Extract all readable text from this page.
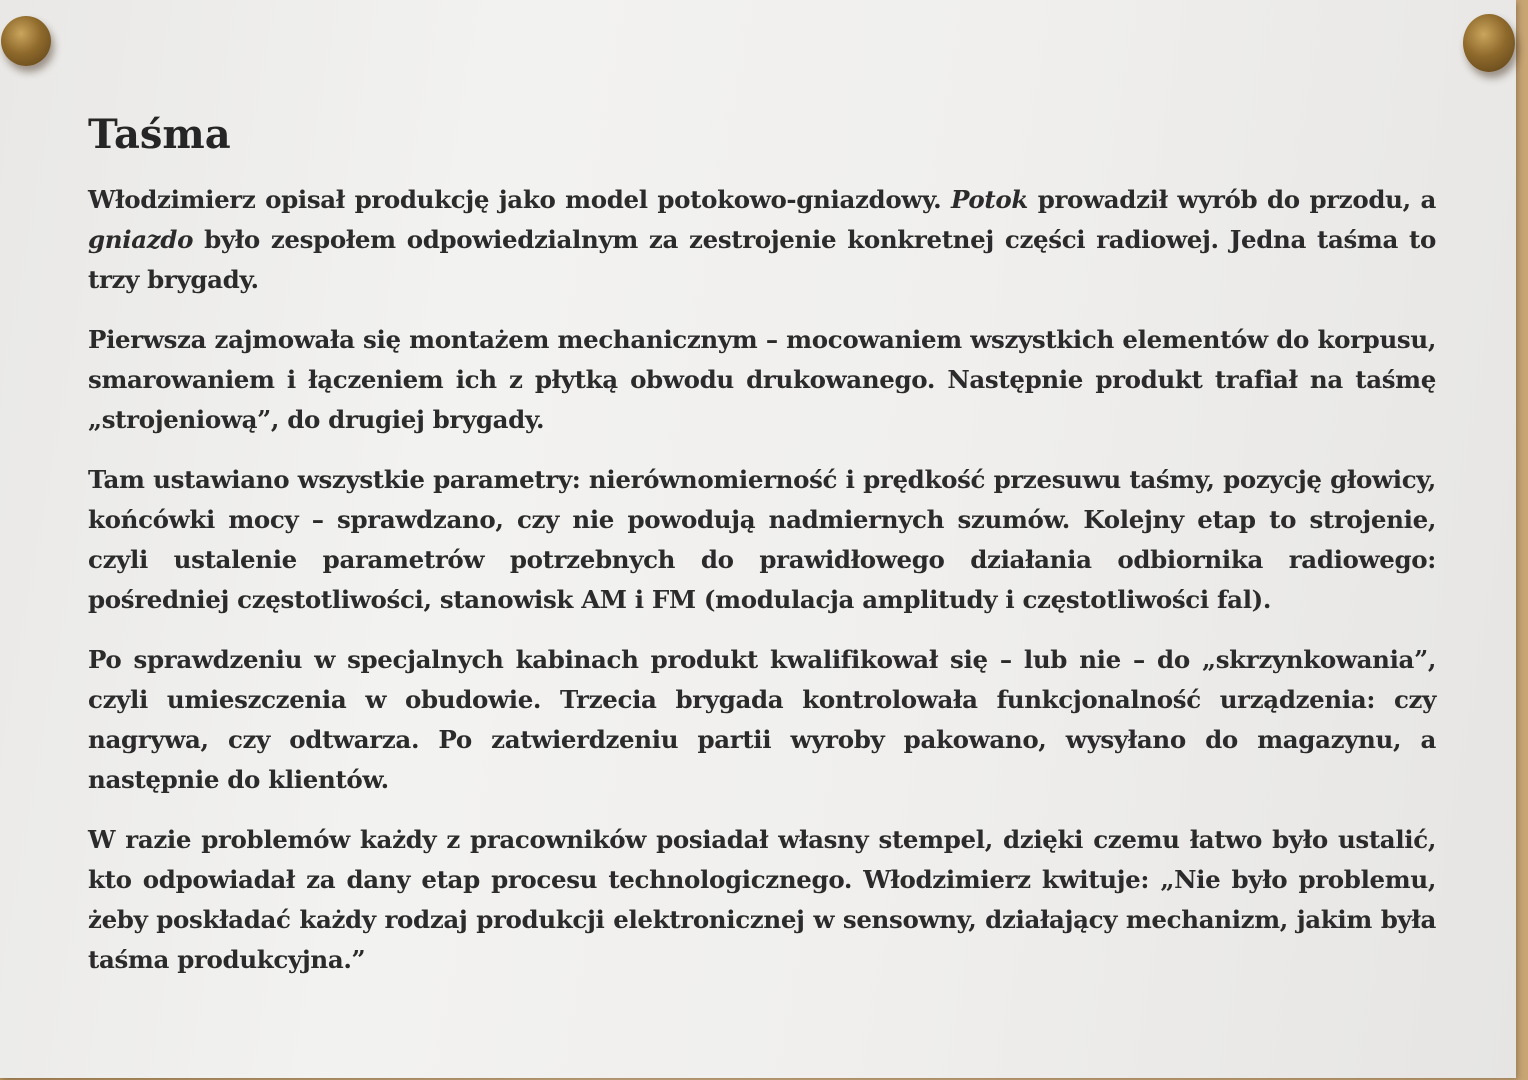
Taśma

Włodzimierz opisał produkcję jako model potokowo-gniazdowy. Potok prowadził wyrób do przodu, a gniazdo było zespołem odpowiedzialnym za zestrojenie konkretnej części radiowej. Jedna taśma to trzy brygady.

Pierwsza zajmowała się montażem mechanicznym – mocowaniem wszystkich elementów do korpusu, smarowaniem i łączeniem ich z płytką obwodu drukowanego. Następnie produkt trafiał na taśmę „strojeniową”, do drugiej brygady.

Tam ustawiano wszystkie parametry: nierównomierność i prędkość przesuwu taśmy, pozycję głowicy, końcówki mocy – sprawdzano, czy nie powodują nadmiernych szumów. Kolejny etap to strojenie, czyli ustalenie parametrów potrzebnych do prawidłowego działania odbiornika radiowego: pośredniej częstotliwości, stanowisk AM i FM (modulacja amplitudy i częstotliwości fal).

Po sprawdzeniu w specjalnych kabinach produkt kwalifikował się – lub nie – do „skrzynkowania”, czyli umieszczenia w obudowie. Trzecia brygada kontrolowała funkcjonalność urządzenia: czy nagrywa, czy odtwarza. Po zatwierdzeniu partii wyroby pakowano, wysyłano do magazynu, a następnie do klientów.

W razie problemów każdy z pracowników posiadał własny stempel, dzięki czemu łatwo było ustalić, kto odpowiadał za dany etap procesu technologicznego. Włodzimierz kwituje: „Nie było problemu, żeby poskładać każdy rodzaj produkcji elektronicznej w sensowny, działający mechanizm, jakim była taśma produkcyjna.”
